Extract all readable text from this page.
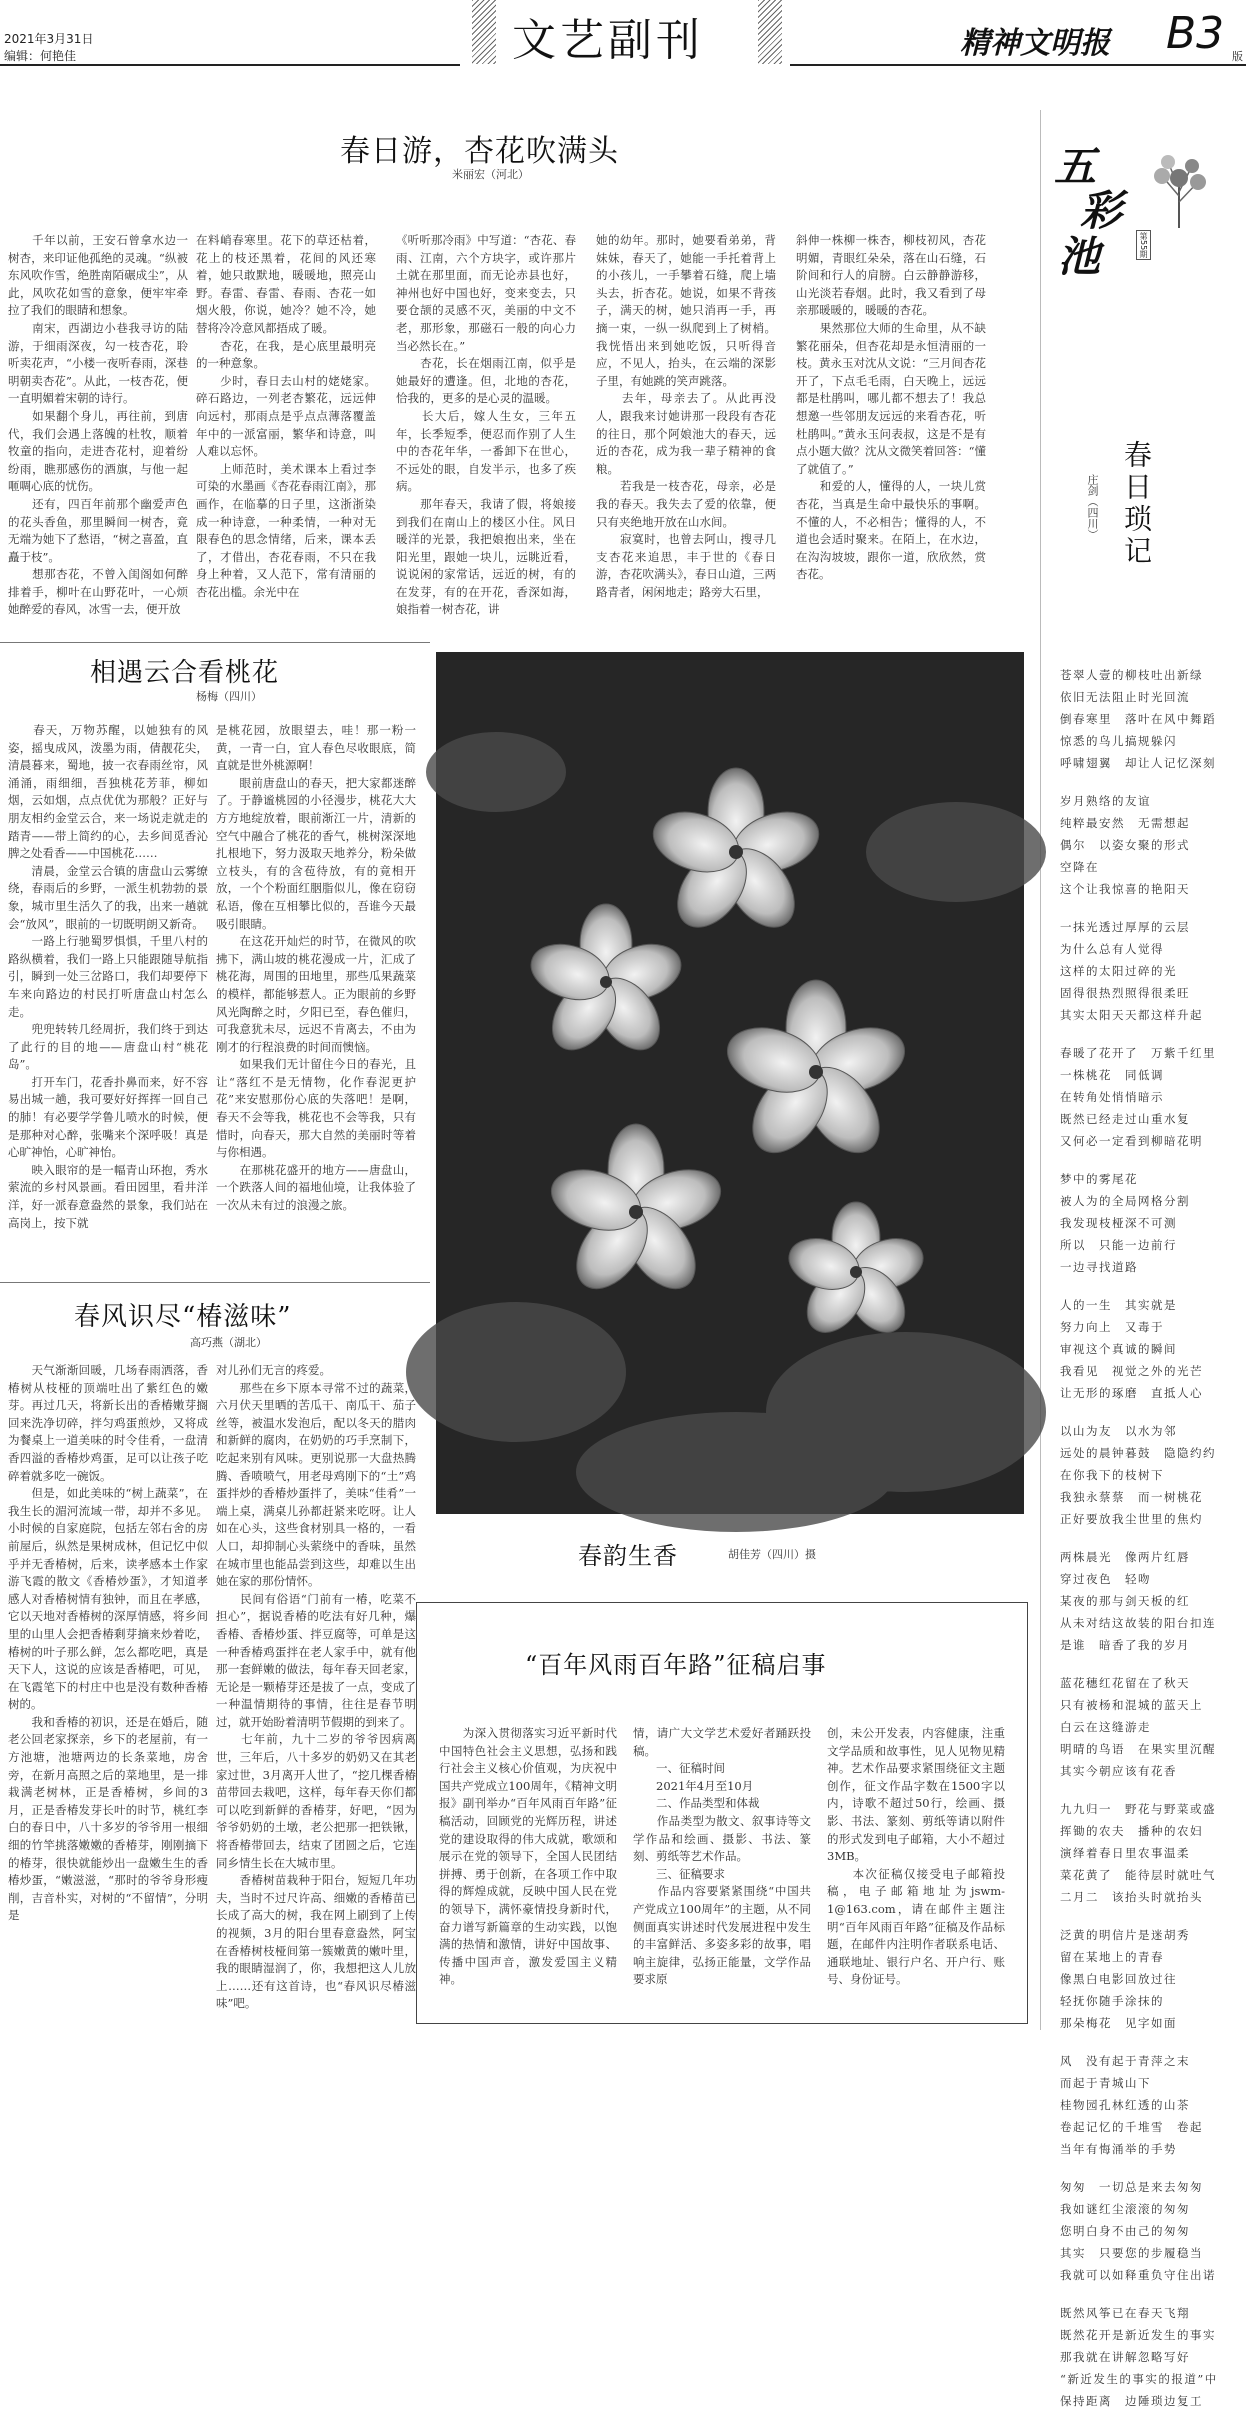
2021年3月31日
编辑：何艳佳	文艺副刊	精神文明报 B3 版
春日游，杏花吹满头
米丽宏（河北）
　　千年以前，王安石曾拿水边一树杏，来印证他孤绝的灵魂。“纵被东风吹作雪，绝胜南陌碾成尘”，从此，风吹花如雪的意象，便牢牢牵拉了我们的眼睛和想象。
　　南宋，西湖边小巷我寻访的陆游，于细雨深夜，勾一枝杏花，聆听卖花声，“小楼一夜听春雨，深巷明朝卖杏花”。从此，一枝杏花，便一直明媚着宋朝的诗行。
　　如果翻个身儿，再往前，到唐代，我们会遇上落魄的杜牧，顺着牧童的指向，走进杏花村，迎着纷纷雨，瞧那感伤的酒旗，与他一起咂啁心底的忧伤。
　　还有，四百年前那个幽爱声色的花头香鱼，那里瞬间一树杏，竟无端为她下了愁语，“树之喜盈，直矗于枝”。
　　想那杏花，不曾入闺阁如何醉排着手，柳叶在山野花叶，一心烦她醉爱的春风，冰雪一去，便开放
在料峭春寒里。花下的草还枯着，花上的枝还黑着，花间的风还寒着，她只敢默地，暖暖地，照亮山野。春雷、春雷、春雨、杏花一如烟火般，你说，她冷？她不冷，她替将冷冷意风都捂成了暖。
　　杏花，在我，是心底里最明亮的一种意象。
　　少时，春日去山村的姥姥家。碎石路边，一列老杏繁花，远远伸向远村，那雨点是乎点点薄落覆盖年中的一派富丽，繁华和诗意，叫人难以忘怀。
　　上师范时，美术课本上看过李可染的水墨画《杏花春雨江南》，那画作，在临摹的日子里，这浙浙染成一种诗意，一种柔情，一种对无限春色的思念情绪，后来，课本丢了，才借出，杏花春雨，不只在我身上种着，又人范下，常有清丽的杏花出槛。余光中在
《听听那冷雨》中写道：“杏花、春雨、江南，六个方块字，或许那片土就在那里面，而无论赤县也好，神州也好中国也好，变来变去，只要仓颉的灵感不灭，美丽的中文不老，那形象，那磁石一般的向心力当必然长在。”
　　杏花，长在烟雨江南，似乎是她最好的遭逢。但，北地的杏花，恰我的，更多的是心灵的温暖。
　　长大后，嫁人生女，三年五年，长季短季，便忍而作别了人生中的杏花年华，一番卸下在世心，不远处的眼，自发半示，也多了疾病。
　　那年春天，我请了假，将娘接到我们在南山上的楼区小住。风日暖洋的光景，我把娘抱出来，坐在阳光里，跟她一块儿，远眺近看，说说闲的家常话，远近的树，有的在发芽，有的在开花，香深如海，娘指着一树杏花，讲
她的幼年。那时，她要看弟弟，背妹妹，春天了，她能一手托着背上的小孩儿，一手攀着石缝，爬上墙头去，折杏花。她说，如果不背孩子，满天的树，她只消再一手，再摘一束，一纵一纵爬到上了树梢。我恍悟出来到她吃饭，只听得音应，不见人，抬头，在云端的深影子里，有她跳的笑声跳落。
　　去年，母亲去了。从此再没人，跟我来讨她讲那一段段有杏花的往日，那个阿娘池大的春天，远近的杏花，成为我一辈子精神的食粮。
　　若我是一枝杏花，母亲，必是我的春天。我失去了爱的依靠，便只有夹绝地开放在山水间。
　　寂寞时，也曾去阿山，搜寻几支杏花来追思，丰于世的《春日游，杏花吹满头》，春日山道，三两路青者，闲闲地走；路旁大石里，
斜伸一株柳一株杏，柳枝初风，杏花明媚，青眼红朵朵，落在山石缝，石阶间和行人的肩膀。白云静静游移，山光淡若春烟。此时，我又看到了母亲那暖暖的，暖暖的杏花。
　　果然那位大师的生命里，从不缺繁花丽朵，但杏花却是永恒清丽的一枝。黄永玉对沈从文说：“三月间杏花开了，下点毛毛雨，白天晚上，远远都是杜鹃叫，哪儿都不想去了！我总想邀一些邻朋友远远的来看杏花，听杜鹃叫。”黄永玉问表叔，这是不是有点小题大做？沈从文微笑着回答：“懂了就值了。”
　　和爱的人，懂得的人，一块儿赏杏花，当真是生命中最快乐的事啊。不懂的人，不必相告；懂得的人，不道也会适时聚来。在陌上，在水边，在沟沟坡坡，跟你一道，欣欣然，赏杏花。
五
彩
池	第55期
春日琐记
庄剑（四川）
苍翠人壹的柳枝吐出新绿
依旧无法阻止时光回流
倒春寒里　落叶在风中舞蹈
惊悉的鸟儿搞规躲闪
呼啸翅翼　却让人记忆深刻
岁月熟络的友谊
纯粹最安然　无需想起
偶尔　以姿女聚的形式
空降在
这个让我惊喜的艳阳天
一抹光透过厚厚的云层
为什么总有人觉得
这样的太阳过碎的光
固得很热烈照得很柔旺
其实太阳天天都这样升起
春暖了花开了　万紫千红里
一株桃花　同低调
在转角处悄悄暗示
既然已经走过山重水复
又何必一定看到柳暗花明
梦中的雾尾花
被人为的全局网格分割
我发现枝桠深不可测
所以　只能一边前行
一边寻找道路
人的一生　其实就是
努力向上　又毒于
审视这个真诚的瞬间
我看见　视觉之外的光芒
让无形的琢磨　直抵人心
以山为友　以水为邻
远处的晨钟暮鼓　隐隐约约
在你我下的枝树下
我独永蔡蔡　而一树桃花
正好要放我尘世里的焦灼
两株晨光　像两片红唇
穿过夜色　轻吻
某夜的那与剑天板的红
从未对结这故装的阳台扣连
是谁　暗香了我的岁月
蓝花穗红花留在了秋天
只有被杨和混城的蓝天上
白云在这缝游走
明晴的鸟语　在果实里沉醒
其实今朝应该有花香
九九归一　野花与野菜或盛
挥锄的农夫　播种的农妇
演绎着春日里农事温柔
菜花黄了　能待层时就吐气
二月二　该抬头时就抬头
泛黄的明信片是迷胡秀
留在某地上的青春
像黑白电影回放过往
轻抚你随手涂抹的
那朵梅花　见字如面
风　没有起于青萍之末
而起于青城山下
桂物园孔林红透的山茶
卷起记忆的千堆雪　卷起
当年有悔涌举的手势
匆匆　一切总是来去匆匆
我如谜红尘滚滚的匆匆
您明白身不由己的匆匆
其实　只要您的步履稳当
我就可以如释重负守住出诺
既然风筝已在春天飞翔
既然花开是新近发生的事实
那我就在讲解忽略写好
“新近发生的事实的报道”中
保持距离　边陲琐边复工
相遇云合看桃花
杨梅（四川）
　　春天，万物苏醒，以她独有的风姿，摇曳成风，泼墨为雨，倩靓花尖，清晨暮来，蜀地，披一衣春雨丝帘，风涌涌，雨细细，吾独桃花芳菲，柳如烟，云如烟，点点优优为那般？正好与朋友相约金堂云合，来一场说走就走的踏青——带上简约的心，去乡间觅香沁脾之处看香——中国桃花……
　　清晨，金堂云合镇的唐盘山云雾缭绕，春雨后的乡野，一派生机勃勃的景象，城市里生活久了的我，出来一趟就会“放风”，眼前的一切既明朗又新奇。
　　一路上行驰蜀罗惧惧，千里八村的路纵横着，我们一路上只能跟随导航指引，瞬到一处三岔路口，我们却要停下车来向路边的村民打听唐盘山村怎么走。
　　兜兜转转几经周折，我们终于到达了此行的目的地——唐盘山村“桃花岛”。
　　打开车门，花香扑鼻而来，好不容易出城一趟，我可要好好挥挥一回自己的肺！有必要学学鲁儿喷水的时候，便是那种对心醉，张嘴来个深呼吸！真是心旷神怡，心旷神怡。
　　映入眼帘的是一幅青山环抱，秀水萦流的乡村风景画。看田园里，看井洋洋，好一派春意盎然的景象，我们站在高岗上，按下就
是桃花园，放眼望去，哇！那一粉一黄，一青一白，宜人春色尽收眼底，简直就是世外桃源啊！
　　眼前唐盘山的春天，把大家都迷醉了。于静谧桃园的小径漫步，桃花大大方方地绽放着，眼前渐江一片，清新的空气中融合了桃花的香气，桃树深深地扎根地下，努力汲取天地养分，粉朵做立枝头，有的含苞待放，有的竟相开放，一个个粉面红胭脂似儿，像在窃窃私语，像在互相攀比似的，吾谁今天最吸引眼睛。
　　在这花开灿烂的时节，在微风的吹拂下，满山坡的桃花漫成一片，汇成了桃花海，周围的田地里，那些瓜果蔬菜的模样，都能够惹人。正为眼前的乡野风光陶醉之时，夕阳已至，春色催归，可我意犹未尽，远迟不肯离去，不由为刚才的行程浪费的时间而懊恼。
　　如果我们无计留住今日的春光，且让“落红不是无情物，化作春泥更护花”来安慰那份心底的失落吧！是啊，春天不会等我，桃花也不会等我，只有惜时，向春天，那大自然的美丽时等着与你相遇。
　　在那桃花盛开的地方——唐盘山，一个跌落人间的福地仙境，让我体验了一次从未有过的浪漫之旅。
春韵生香	胡佳芳（四川）摄
春风识尽“椿滋味”
高巧燕（湖北）
　　天气渐渐回暖，几场春雨洒落，香椿树从枝桠的顶端吐出了紫红色的嫩芽。再过几天，将新长出的香椿嫩芽搁回来洗净切碎，拌匀鸡蛋煎炒，又将成为餐桌上一道美味的时令佳肴，一盘清香四溢的香椿炒鸡蛋，足可以让孩子吃碎着就多吃一碗饭。
　　但是，如此美味的“树上蔬菜”，在我生长的湄河流域一带，却并不多见。小时候的自家庭院，包括左邻右舍的房前屋后，纵然是果树成林，但记忆中似乎并无香椿树，后来，读孝感本土作家游飞霞的散文《香椿炒蛋》，才知道孝感人对香椿树情有独钟，而且在孝感，它以天地对香椿树的深厚情感，将乡间里的山里人会把香椿剩芽摘来炒着吃，椿树的叶子那么鲜，怎么都吃吧，真是天下人，这说的应该是香椿吧，可见，在飞霞笔下的村庄中也是没有数种香椿树的。
　　我和香椿的初识，还是在婚后，随老公回老家探亲，乡下的老屋前，有一方池塘，池塘两边的长条菜地，房舍旁，在新月高照之后的菜地里，是一排栽满老树林，正是香椿树，乡间的3月，正是香椿发芽长叶的时节，桃红李白的春日中，八十多岁的爷爷用一根细细的竹竿挑落嫩嫩的香椿芽，刚刚摘下的椿芽，很快就能炒出一盘嫩生生的香椿炒蛋，“嫩滋滋，“那时的爷爷身形瘦削，吉音朴实，对树的“不留情”，分明是
对儿孙们无言的疼爱。
　　那些在乡下原本寻常不过的蔬菜，六月伏天里晒的苦瓜干、南瓜干、茄子丝等，被温水发泡后，配以冬天的腊肉和新鲜的腐肉，在奶奶的巧手烹制下，吃起来别有风味。更别说那一大盘热腾腾、香喷喷气，用老母鸡刚下的“土”鸡蛋拌炒的香椿炒蛋拌了，美味“佳肴”一端上桌，满桌儿孙都赶紧来吃呀。让人如在心头，这些食材别具一格的，一看人口，却抑制心头萦绕中的香味，虽然在城市里也能品尝到这些，却难以生出她在家的那份情怀。
　　民间有俗语“门前有一椿，吃菜不担心”，据说香椿的吃法有好几种，爆香椿、香椿炒蛋、拌豆腐等，可单是这一种香椿鸡蛋拌在老人家手中，就有他那一套鲜嫩的做法，每年春天回老家，无论是一颗椿芽还是拔了一点，变成了一种温情期待的事情，往往是春节明过，就开始盼着清明节假期的到来了。
　　七年前，九十二岁的爷爷因病离世，三年后，八十多岁的奶奶又在其老家过世，3月离开人世了，“挖几棵香椿苗带回去栽吧，这样，每年春天你们都可以吃到新鲜的香椿芽，好吧，“因为爷爷奶奶的土墩，老公把那一把铁锹，将香椿带回去，结束了团圆之后，它连同乡情生长在大城市里。
　　香椿树苗栽种于阳台，短短几年功夫，当时不过尺许高、细嫩的香椿苗已长成了高大的树，我在网上刷到了上传的视频，3月的阳台里春意盎然，阿宝在香椿树枝桠间第一簇嫩黄的嫩叶里，我的眼睛湿润了，你，我想把这人儿放上……还有这首诗，也“春风识尽椿滋味”吧。
“百年风雨百年路”征稿启事
　　为深入贯彻落实习近平新时代中国特色社会主义思想，弘扬和践行社会主义核心价值观，为庆祝中国共产党成立100周年，《精神文明报》副刊举办“百年风雨百年路”征稿活动，回顾党的光辉历程，讲述党的建设取得的伟大成就，歌颂和展示在党的领导下，全国人民团结拼搏、勇于创新，在各项工作中取得的辉煌成就，反映中国人民在党的领导下，满怀豪情投身新时代，奋力谱写新篇章的生动实践，以饱满的热情和激情，讲好中国故事、传播中国声音，激发爱国主义精神。
情，请广大文学艺术爱好者踊跃投稿。
　　一、征稿时间
　　2021年4月至10月
　　二、作品类型和体裁
　　作品类型为散文、叙事诗等文学作品和绘画、摄影、书法、篆刻、剪纸等艺术作品。
　　三、征稿要求
　　作品内容要紧紧围绕“中国共产党成立100周年”的主题，从不同侧面真实讲述时代发展进程中发生的丰富鲜活、多姿多彩的故事，唱响主旋律，弘扬正能量，文学作品要求原
创，未公开发表，内容健康，注重文学品质和故事性，见人见物见精神。艺术作品要求紧围绕征文主题创作，征文作品字数在1500字以内，诗歌不超过50行，绘画、摄影、书法、篆刻、剪纸等请以附件的形式发到电子邮箱，大小不超过3MB。
　　本次征稿仅接受电子邮箱投稿，电子邮箱地址为jswm-1@163.com，请在邮件主题注明“百年风雨百年路”征稿及作品标题，在邮件内注明作者联系电话、通联地址、银行户名、开户行、账号、身份证号。
